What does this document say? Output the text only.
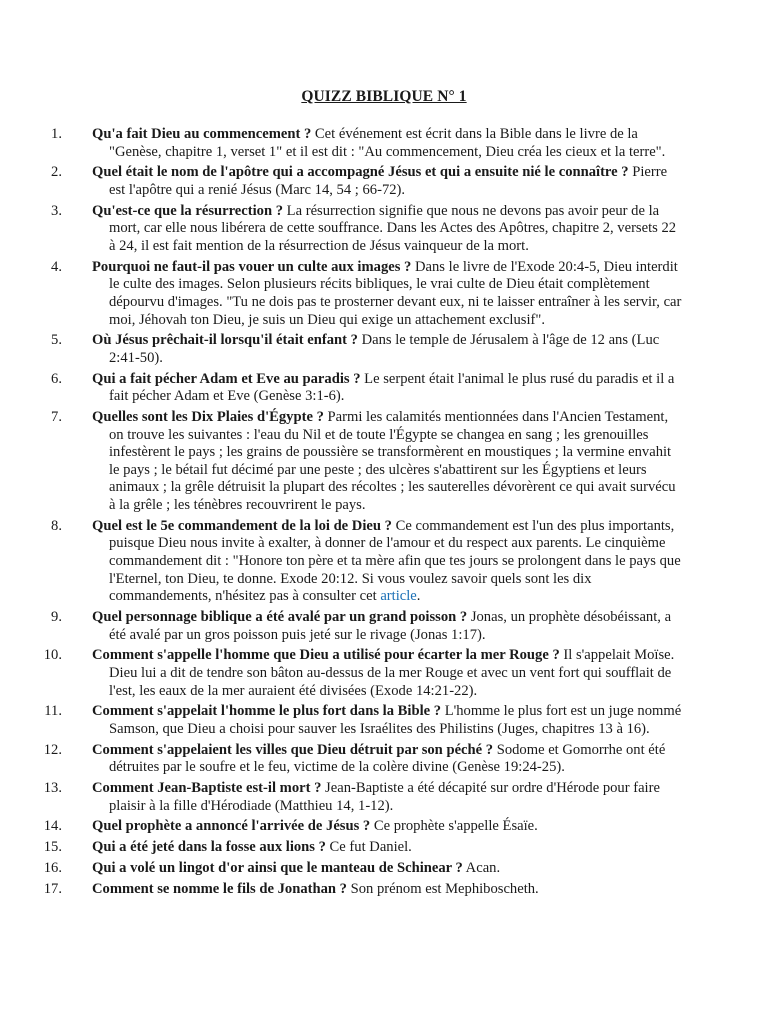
QUIZZ BIBLIQUE N° 1
1. Qu'a fait Dieu au commencement ? Cet événement est écrit dans la Bible dans le livre de la "Genèse, chapitre 1, verset 1" et il est dit : "Au commencement, Dieu créa les cieux et la terre".
2. Quel était le nom de l'apôtre qui a accompagné Jésus et qui a ensuite nié le connaître ? Pierre est l'apôtre qui a renié Jésus (Marc 14, 54 ; 66-72).
3. Qu'est-ce que la résurrection ? La résurrection signifie que nous ne devons pas avoir peur de la mort, car elle nous libérera de cette souffrance. Dans les Actes des Apôtres, chapitre 2, versets 22 à 24, il est fait mention de la résurrection de Jésus vainqueur de la mort.
4. Pourquoi ne faut-il pas vouer un culte aux images ? Dans le livre de l'Exode 20:4-5, Dieu interdit le culte des images. Selon plusieurs récits bibliques, le vrai culte de Dieu était complètement dépourvu d'images. "Tu ne dois pas te prosterner devant eux, ni te laisser entraîner à les servir, car moi, Jéhovah ton Dieu, je suis un Dieu qui exige un attachement exclusif".
5. Où Jésus prêchait-il lorsqu'il était enfant ? Dans le temple de Jérusalem à l'âge de 12 ans (Luc 2:41-50).
6. Qui a fait pécher Adam et Eve au paradis ? Le serpent était l'animal le plus rusé du paradis et il a fait pécher Adam et Eve (Genèse 3:1-6).
7. Quelles sont les Dix Plaies d'Égypte ? Parmi les calamités mentionnées dans l'Ancien Testament, on trouve les suivantes : l'eau du Nil et de toute l'Égypte se changea en sang ; les grenouilles infestèrent le pays ; les grains de poussière se transformèrent en moustiques ; la vermine envahit le pays ; le bétail fut décimé par une peste ; des ulcères s'abattirent sur les Égyptiens et leurs animaux ; la grêle détruisit la plupart des récoltes ; les sauterelles dévorèrent ce qui avait survécu à la grêle ; les ténèbres recouvrirent le pays.
8. Quel est le 5e commandement de la loi de Dieu ? Ce commandement est l'un des plus importants, puisque Dieu nous invite à exalter, à donner de l'amour et du respect aux parents. Le cinquième commandement dit : "Honore ton père et ta mère afin que tes jours se prolongent dans le pays que l'Eternel, ton Dieu, te donne. Exode 20:12. Si vous voulez savoir quels sont les dix commandements, n'hésitez pas à consulter cet article.
9. Quel personnage biblique a été avalé par un grand poisson ? Jonas, un prophète désobéissant, a été avalé par un gros poisson puis jeté sur le rivage (Jonas 1:17).
10. Comment s'appelle l'homme que Dieu a utilisé pour écarter la mer Rouge ? Il s'appelait Moïse. Dieu lui a dit de tendre son bâton au-dessus de la mer Rouge et avec un vent fort qui soufflait de l'est, les eaux de la mer auraient été divisées (Exode 14:21-22).
11. Comment s'appelait l'homme le plus fort dans la Bible ? L'homme le plus fort est un juge nommé Samson, que Dieu a choisi pour sauver les Israélites des Philistins (Juges, chapitres 13 à 16).
12. Comment s'appelaient les villes que Dieu détruit par son péché ? Sodome et Gomorrhe ont été détruites par le soufre et le feu, victime de la colère divine (Genèse 19:24-25).
13. Comment Jean-Baptiste est-il mort ? Jean-Baptiste a été décapité sur ordre d'Hérode pour faire plaisir à la fille d'Hérodiade (Matthieu 14, 1-12).
14. Quel prophète a annoncé l'arrivée de Jésus ? Ce prophète s'appelle Ésaïe.
15. Qui a été jeté dans la fosse aux lions ? Ce fut Daniel.
16. Qui a volé un lingot d'or ainsi que le manteau de Schinear ? Acan.
17. Comment se nomme le fils de Jonathan ? Son prénom est Mephiboscheth.
